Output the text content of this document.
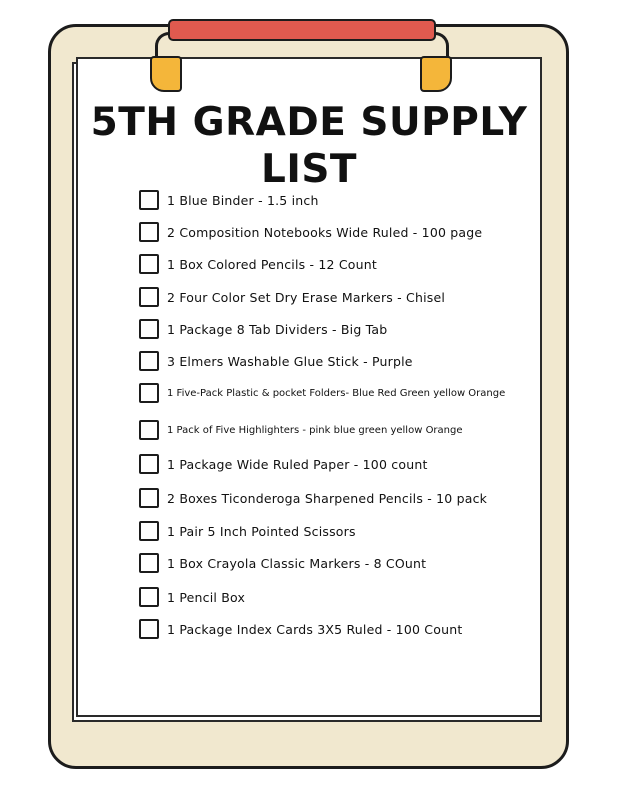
5TH GRADE SUPPLY LIST
1 Blue Binder - 1.5 inch
2 Composition Notebooks Wide Ruled - 100 page
1 Box Colored Pencils - 12 Count
2 Four Color Set Dry Erase Markers - Chisel
1 Package 8 Tab Dividers - Big Tab
3 Elmers Washable Glue Stick - Purple
1 Five-Pack Plastic & pocket Folders- Blue Red Green yellow Orange
1 Pack of Five Highlighters - pink blue green yellow Orange
1 Package Wide Ruled Paper - 100 count
2 Boxes Ticonderoga Sharpened Pencils - 10 pack
1 Pair 5 Inch Pointed Scissors
1 Box Crayola Classic Markers - 8 COunt
1 Pencil Box
1 Package Index Cards 3X5 Ruled - 100 Count
